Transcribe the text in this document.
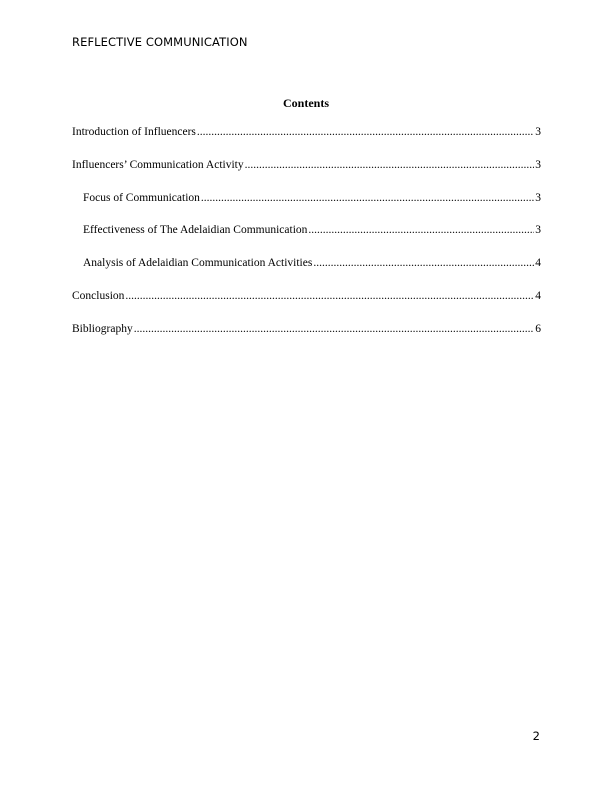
REFLECTIVE COMMUNICATION
Contents
Introduction of Influencers .....	3
Influencers’ Communication Activity .....	3
Focus of Communication .....	3
Effectiveness of The Adelaidian Communication .....	3
Analysis of Adelaidian Communication Activities .....	4
Conclusion .....	4
Bibliography .....	6
2
